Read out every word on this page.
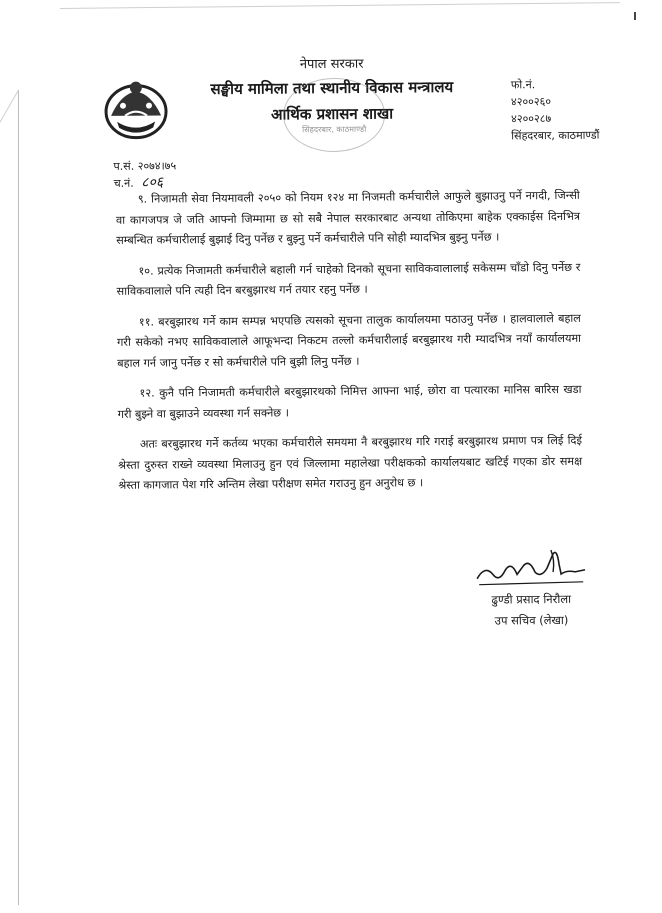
नेपाल सरकार
सङ्घीय मामिला तथा स्थानीय विकास मन्त्रालय
आर्थिक प्रशासन शाखा
सिंहदरबार, काठमाण्डौ
फो.नं.
४२००२६०
४२००२८७
सिंहदरबार, काठमाण्डौं
प.सं. २०७४।७५
च.नं. ८०६

९. निजामती सेवा नियमावली २०५० को नियम १२४ मा निजमती कर्मचारीले आफुले बुझाउनु पर्ने नगदी, जिन्सी वा कागजपत्र जे जति आफ्नो जिम्मामा छ सो सबै नेपाल सरकारबाट अन्यथा तोकिएमा बाहेक एक्काईस दिनभित्र सम्बन्धित कर्मचारीलाई बुझाई दिनु पर्नेछ र बुझ्नु पर्ने कर्मचारीले पनि सोही म्यादभित्र बुझ्नु पर्नेछ ।

१०. प्रत्येक निजामती कर्मचारीले बहाली गर्न चाहेको दिनको सूचना साविकवालालाई सकेसम्म चाँडो दिनु पर्नेछ र साविकवालाले पनि त्यही दिन बरबुझारथ गर्न तयार रहनु पर्नेछ ।

११. बरबुझारथ गर्ने काम सम्पन्न भएपछि त्यसको सूचना तालुक कार्यालयमा पठाउनु पर्नेछ । हालवालाले बहाल गरी सकेको नभए साविकवालाले आफूभन्दा निकटम तल्लो कर्मचारीलाई बरबुझारथ गरी म्यादभित्र नयाँ कार्यालयमा बहाल गर्न जानु पर्नेछ र सो कर्मचारीले पनि बुझी लिनु पर्नेछ ।

१२. कुनै पनि निजामती कर्मचारीले बरबुझारथको निमित्त आफ्ना भाई, छोरा वा पत्यारका मानिस बारिस खडा गरी बुझ्ने वा बुझाउने व्यवस्था गर्न सक्नेछ ।

अतः बरबुझारथ गर्ने कर्तव्य भएका कर्मचारीले समयमा नै बरबुझारथ गरि गराई बरबुझारथ प्रमाण पत्र लिई दिई श्रेस्ता दुरुस्त राख्ने व्यवस्था मिलाउनु हुन एवं जिल्लामा महालेखा परीक्षकको कार्यालयबाट खटिई गएका डोर समक्ष श्रेस्ता कागजात पेश गरि अन्तिम लेखा परीक्षण समेत गराउनु हुन अनुरोध छ ।

ढुण्डी प्रसाद निरौला
उप सचिव (लेखा)
